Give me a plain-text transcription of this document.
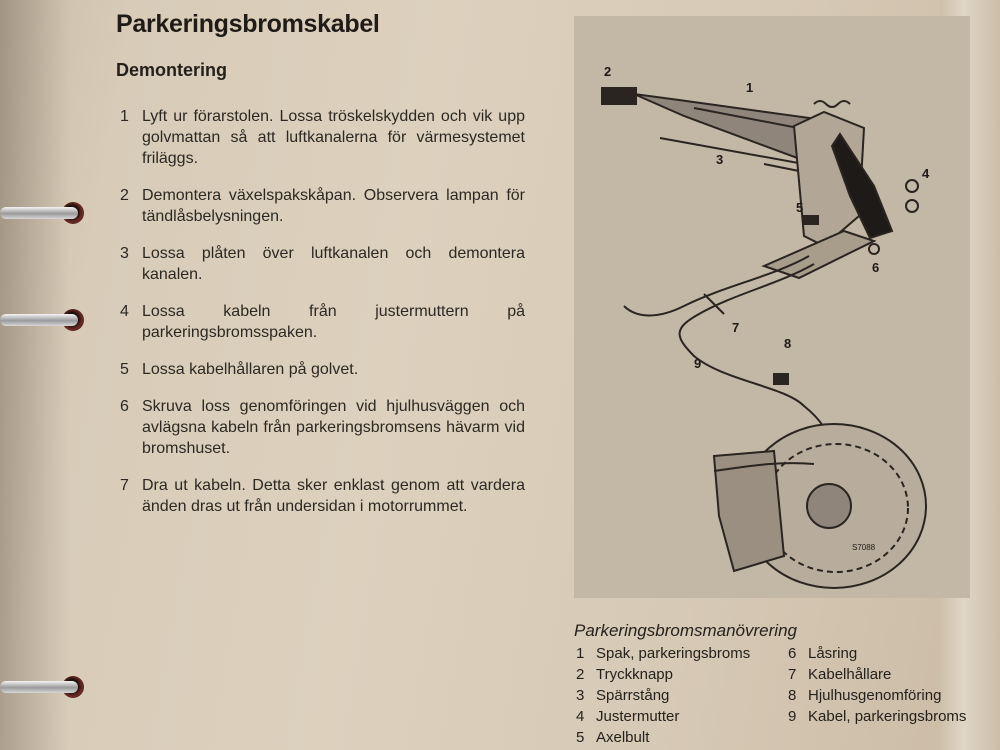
Parkeringsbromskabel
Demontering
1 Lyft ur förarstolen. Lossa tröskelskydden och vik upp golvmattan så att luftkanalerna för värmesystemet friläggs.
2 Demontera växelspakskåpan. Observera lampan för tändlåsbelysningen.
3 Lossa plåten över luftkanalen och demontera kanalen.
4 Lossa kabeln från justermuttern på parkeringsbromsspaken.
5 Lossa kabelhållaren på golvet.
6 Skruva loss genomföringen vid hjulhusväggen och avlägsna kabeln från parkeringsbromsens hävarm vid bromshuset.
7 Dra ut kabeln. Detta sker enklast genom att vardera änden dras ut från undersidan i motorrummet.
1
2
3
4
5
6
7
8
9
S7088
Parkeringsbromsmanövrering
1 Spak, parkeringsbroms
2 Tryckknapp
3 Spärrstång
4 Justermutter
5 Axelbult
6 Låsring
7 Kabelhållare
8 Hjulhusgenomföring
9 Kabel, parkeringsbroms
